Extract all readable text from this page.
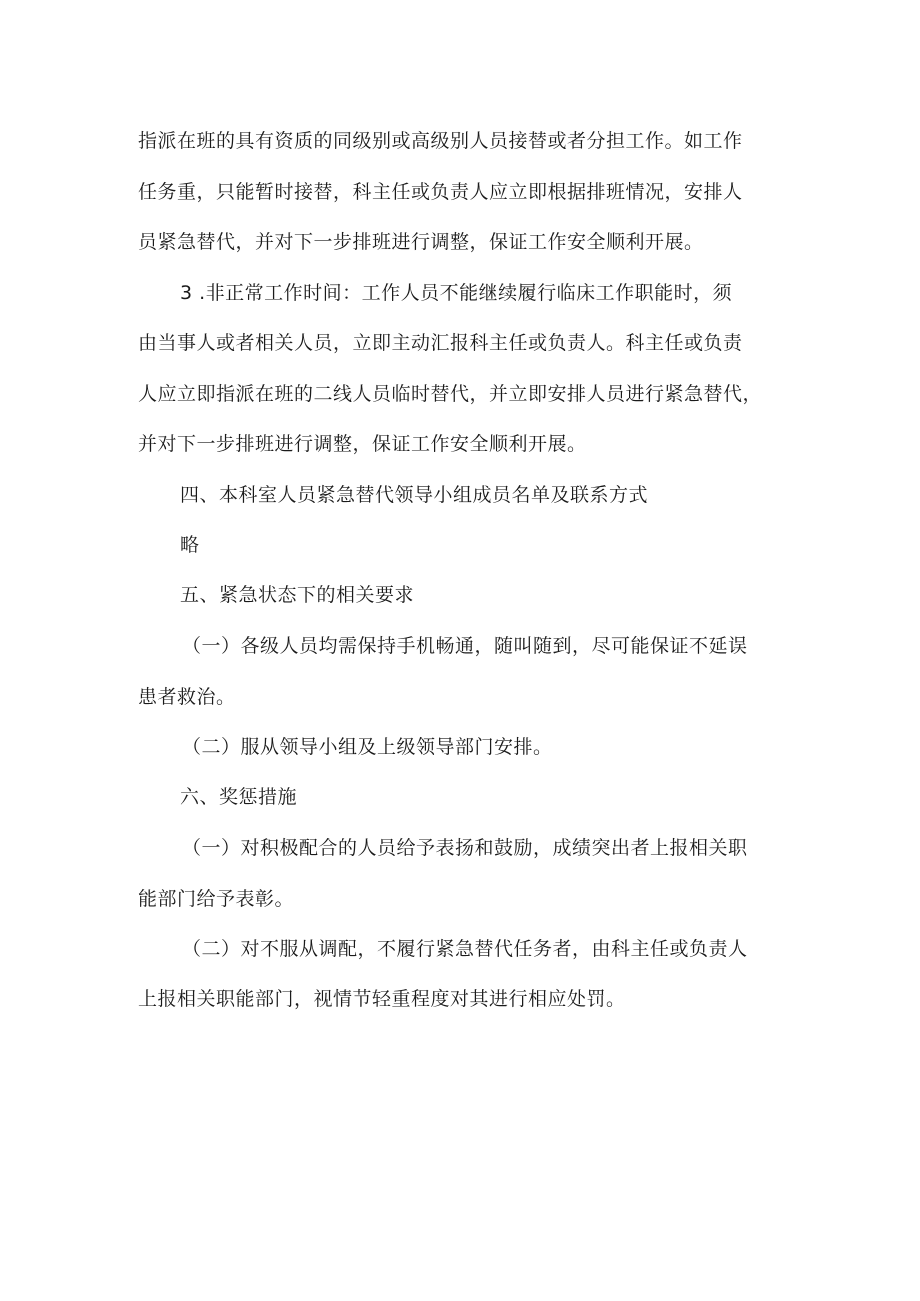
指派在班的具有资质的同级别或高级别人员接替或者分担工作。如工作
任务重，只能暂时接替，科主任或负责人应立即根据排班情况，安排人
员紧急替代，并对下一步排班进行调整，保证工作安全顺利开展。
3 .非正常工作时间：工作人员不能继续履行临床工作职能时，须
由当事人或者相关人员，立即主动汇报科主任或负责人。科主任或负责
人应立即指派在班的二线人员临时替代，并立即安排人员进行紧急替代，
并对下一步排班进行调整，保证工作安全顺利开展。
四、本科室人员紧急替代领导小组成员名单及联系方式
略
五、紧急状态下的相关要求
（一）各级人员均需保持手机畅通，随叫随到，尽可能保证不延误
患者救治。
（二）服从领导小组及上级领导部门安排。
六、奖惩措施
（一）对积极配合的人员给予表扬和鼓励，成绩突出者上报相关职
能部门给予表彰。
（二）对不服从调配，不履行紧急替代任务者，由科主任或负责人
上报相关职能部门，视情节轻重程度对其进行相应处罚。
